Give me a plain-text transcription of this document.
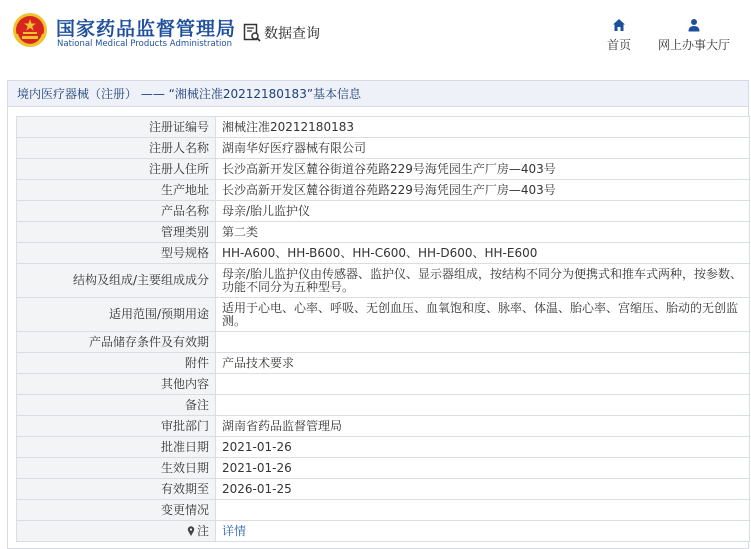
国家药品监督管理局
National Medical Products Administration
数据查询
首页	网上办事大厅
境内医疗器械（注册） —— “湘械注准20212180183”基本信息
注册证编号	湘械注准20212180183
注册人名称	湖南华好医疗器械有限公司
注册人住所	长沙高新开发区麓谷街道谷苑路229号海凭园生产厂房—403号
生产地址	长沙高新开发区麓谷街道谷苑路229号海凭园生产厂房—403号
产品名称	母亲/胎儿监护仪
管理类别	第二类
型号规格	HH-A600、HH-B600、HH-C600、HH-D600、HH-E600
结构及组成/主要组成成分	母亲/胎儿监护仪由传感器、监护仪、显示器组成，按结构不同分为便携式和推车式两种，按参数、功能不同分为五种型号。
适用范围/预期用途	适用于心电、心率、呼吸、无创血压、血氧饱和度、脉率、体温、胎心率、宫缩压、胎动的无创监测。
产品储存条件及有效期	
附件	产品技术要求
其他内容	
备注	
审批部门	湖南省药品监督管理局
批准日期	2021-01-26
生效日期	2021-01-26
有效期至	2026-01-25
变更情况	
注	详情
